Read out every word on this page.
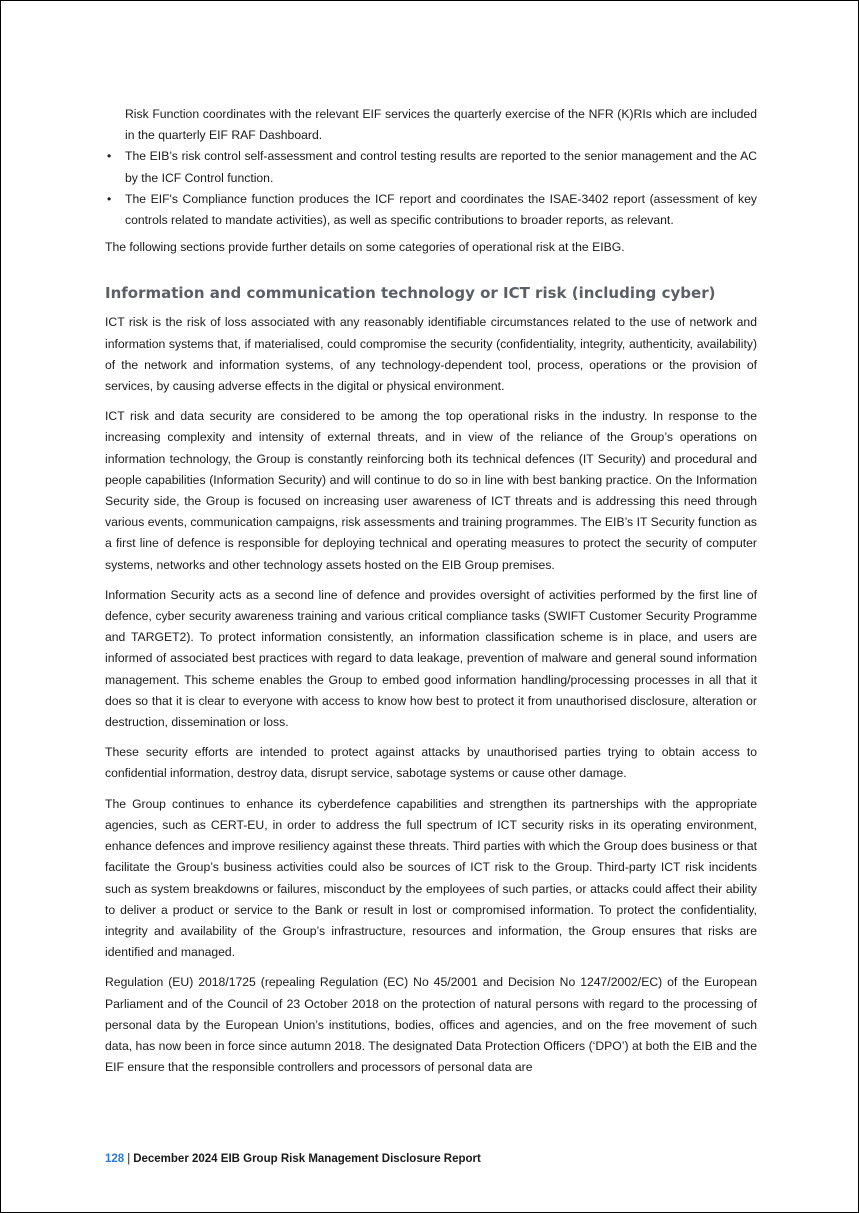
Risk Function coordinates with the relevant EIF services the quarterly exercise of the NFR (K)RIs which are included in the quarterly EIF RAF Dashboard.

• The EIB’s risk control self-assessment and control testing results are reported to the senior management and the AC by the ICF Control function.
• The EIF's Compliance function produces the ICF report and coordinates the ISAE-3402 report (assessment of key controls related to mandate activities), as well as specific contributions to broader reports, as relevant.

The following sections provide further details on some categories of operational risk at the EIBG.

Information and communication technology or ICT risk (including cyber)

ICT risk is the risk of loss associated with any reasonably identifiable circumstances related to the use of network and information systems that, if materialised, could compromise the security (confidentiality, integrity, authenticity, availability) of the network and information systems, of any technology-dependent tool, process, operations or the provision of services, by causing adverse effects in the digital or physical environment.

ICT risk and data security are considered to be among the top operational risks in the industry. In response to the increasing complexity and intensity of external threats, and in view of the reliance of the Group’s operations on information technology, the Group is constantly reinforcing both its technical defences (IT Security) and procedural and people capabilities (Information Security) and will continue to do so in line with best banking practice. On the Information Security side, the Group is focused on increasing user awareness of ICT threats and is addressing this need through various events, communication campaigns, risk assessments and training programmes. The EIB’s IT Security function as a first line of defence is responsible for deploying technical and operating measures to protect the security of computer systems, networks and other technology assets hosted on the EIB Group premises.

Information Security acts as a second line of defence and provides oversight of activities performed by the first line of defence, cyber security awareness training and various critical compliance tasks (SWIFT Customer Security Programme and TARGET2). To protect information consistently, an information classification scheme is in place, and users are informed of associated best practices with regard to data leakage, prevention of malware and general sound information management. This scheme enables the Group to embed good information handling/processing processes in all that it does so that it is clear to everyone with access to know how best to protect it from unauthorised disclosure, alteration or destruction, dissemination or loss.

These security efforts are intended to protect against attacks by unauthorised parties trying to obtain access to confidential information, destroy data, disrupt service, sabotage systems or cause other damage.

The Group continues to enhance its cyberdefence capabilities and strengthen its partnerships with the appropriate agencies, such as CERT-EU, in order to address the full spectrum of ICT security risks in its operating environment, enhance defences and improve resiliency against these threats. Third parties with which the Group does business or that facilitate the Group’s business activities could also be sources of ICT risk to the Group. Third-party ICT risk incidents such as system breakdowns or failures, misconduct by the employees of such parties, or attacks could affect their ability to deliver a product or service to the Bank or result in lost or compromised information. To protect the confidentiality, integrity and availability of the Group’s infrastructure, resources and information, the Group ensures that risks are identified and managed.

Regulation (EU) 2018/1725 (repealing Regulation (EC) No 45/2001 and Decision No 1247/2002/EC) of the European Parliament and of the Council of 23 October 2018 on the protection of natural persons with regard to the processing of personal data by the European Union’s institutions, bodies, offices and agencies, and on the free movement of such data, has now been in force since autumn 2018. The designated Data Protection Officers (‘DPO’) at both the EIB and the EIF ensure that the responsible controllers and processors of personal data are

128 | December 2024 EIB Group Risk Management Disclosure Report
